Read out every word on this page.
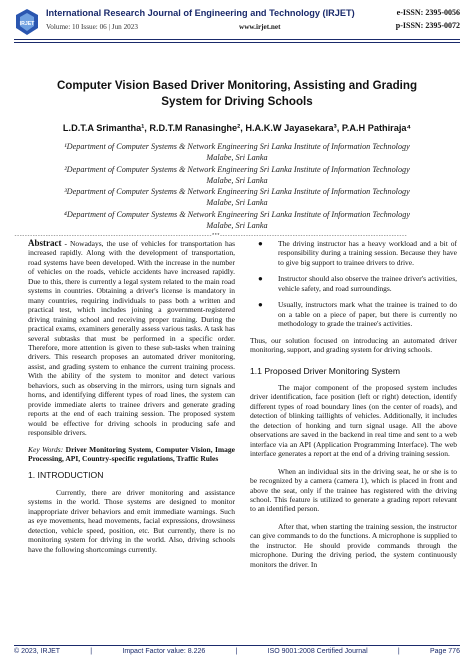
IRJET
International Research Journal of Engineering and Technology (IRJET)
Volume: 10 Issue: 06 | Jun 2023	www.irjet.net
e-ISSN: 2395-0056
p-ISSN: 2395-0072
Computer Vision Based Driver Monitoring, Assisting and Grading
System for Driving Schools
L.D.T.A Srimantha¹, R.D.T.M Ranasinghe², H.A.K.W Jayasekara³, P.A.H Pathiraja⁴
¹Department of Computer Systems & Network Engineering Sri Lanka Institute of Information Technology
Malabe, Sri Lanka
²Department of Computer Systems & Network Engineering Sri Lanka Institute of Information Technology
Malabe, Sri Lanka
³Department of Computer Systems & Network Engineering Sri Lanka Institute of Information Technology
Malabe, Sri Lanka
⁴Department of Computer Systems & Network Engineering Sri Lanka Institute of Information Technology
Malabe, Sri Lanka
----------------------------------------------------------------------------***------------------------------------------------------------------------
Abstract - Nowadays, the use of vehicles for transportation has increased rapidly. Along with the development of transportation, road systems have been developed. With the increase in the number of vehicles on the roads, vehicle accidents have increased rapidly. Due to this, there is currently a legal system related to the main road systems in countries. Obtaining a driver's license is mandatory in many countries, requiring individuals to pass both a written and practical test, which includes joining a government-registered driving training school and receiving proper training. During the practical exams, examiners generally assess various tasks. A task has several subtasks that must be performed in a specific order. Therefore, more attention is given to these sub-tasks when training drivers. This research proposes an automated driver monitoring, assist, and grading system to enhance the current training process. With the ability of the system to monitor and detect various behaviors, such as observing in the mirrors, using turn signals and horns, and identifying different types of road lines, the system can provide immediate alerts to trainee drivers and generate grading reports at the end of each training session. The proposed system would be effective for driving schools in producing safe and responsible drivers.
Key Words: Driver Monitoring System, Computer Vision, Image Processing, API, Country-specific regulations, Traffic Rules
1. INTRODUCTION
Currently, there are driver monitoring and assistance systems in the world. Those systems are designed to monitor inappropriate driver behaviors and emit immediate warnings. Such as eye movements, head movements, facial expressions, drowsiness detection, vehicle speed, position, etc. But currently, there is no monitoring system for driving in the world. Also, driving schools have the following shortcomings currently.
● The driving instructor has a heavy workload and a bit of responsibility during a training session. Because they have to give big support to trainee drivers to drive.
● Instructor should also observe the trainee driver's activities, vehicle safety, and road surroundings.
● Usually, instructors mark what the trainee is trained to do on a table on a piece of paper, but there is currently no methodology to grade the trainee's activities.
Thus, our solution focused on introducing an automated driver monitoring, support, and grading system for driving schools.
1.1 Proposed Driver Monitoring System
The major component of the proposed system includes driver identification, face position (left or right) detection, identify different types of road boundary lines (on the center of roads), and detection of blinking taillights of vehicles. Additionally, it includes the detection of honking and turn signal usage. All the above observations are saved in the backend in real time and sent to a web interface via an API (Application Programming Interface). The web interface generates a report at the end of a driving training session.
When an individual sits in the driving seat, he or she is to be recognized by a camera (camera 1), which is placed in front and above the seat, only if the trainee has registered with the driving school. This feature is utilized to generate a grading report relevant to an identified person.
After that, when starting the training session, the instructor can give commands to do the functions. A microphone is supplied to the instructor. He should provide commands through the microphone. During the driving period, the system continuously monitors the driver. In
© 2023, IRJET	|	Impact Factor value: 8.226	|	ISO 9001:2008 Certified Journal	|	Page 776
